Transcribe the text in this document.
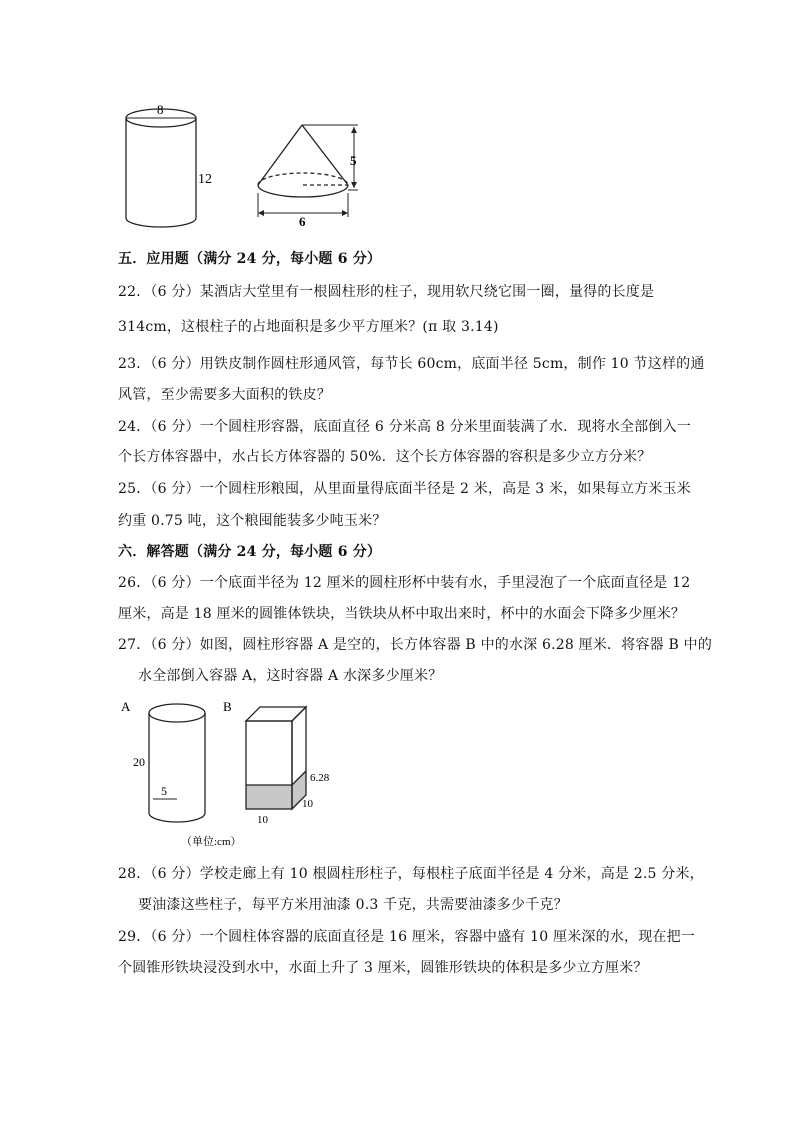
8
12
5
6
五．应用题（满分 24 分，每小题 6 分）
22．（6 分）某酒店大堂里有一根圆柱形的柱子，现用软尺绕它围一圈，量得的长度是
314cm，这根柱子的占地面积是多少平方厘米？(π 取 3.14)
23．（6 分）用铁皮制作圆柱形通风管，每节长 60cm，底面半径 5cm，制作 10 节这样的通
风管，至少需要多大面积的铁皮？
24．（6 分）一个圆柱形容器，底面直径 6 分米高 8 分米里面装满了水．现将水全部倒入一
个长方体容器中，水占长方体容器的 50%．这个长方体容器的容积是多少立方分米？
25．（6 分）一个圆柱形粮囤，从里面量得底面半径是 2 米，高是 3 米，如果每立方米玉米
约重 0.75 吨，这个粮囤能装多少吨玉米？
六．解答题（满分 24 分，每小题 6 分）
26．（6 分）一个底面半径为 12 厘米的圆柱形杯中装有水，手里浸泡了一个底面直径是 12
厘米，高是 18 厘米的圆锥体铁块，当铁块从杯中取出来时，杯中的水面会下降多少厘米？
27．（6 分）如图，圆柱形容器 A 是空的，长方体容器 B 中的水深 6.28 厘米．将容器 B 中的
水全部倒入容器 A，这时容器 A 水深多少厘米？
A	B
20
5
6.28
10
10
（单位:cm）
28．（6 分）学校走廊上有 10 根圆柱形柱子，每根柱子底面半径是 4 分米，高是 2.5 分米，
要油漆这些柱子，每平方米用油漆 0.3 千克，共需要油漆多少千克？
29．（6 分）一个圆柱体容器的底面直径是 16 厘米，容器中盛有 10 厘米深的水，现在把一
个圆锥形铁块浸没到水中，水面上升了 3 厘米，圆锥形铁块的体积是多少立方厘米？
